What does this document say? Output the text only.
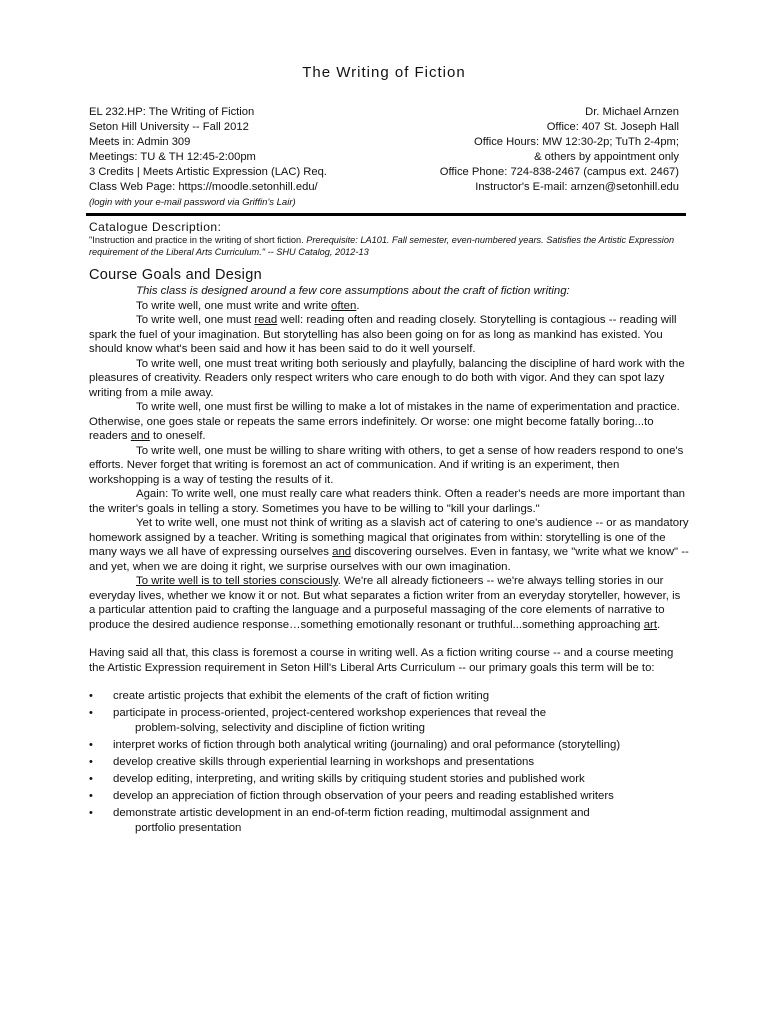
The Writing of Fiction
EL 232.HP: The Writing of Fiction
Seton Hill University -- Fall 2012
Meets in: Admin 309
Meetings: TU & TH 12:45-2:00pm
3 Credits | Meets Artistic Expression (LAC) Req.
Class Web Page: https://moodle.setonhill.edu/
(login with your e-mail password via Griffin's Lair)
Dr. Michael Arnzen
Office: 407 St. Joseph Hall
Office Hours: MW 12:30-2p; TuTh 2-4pm;
& others by appointment only
Office Phone: 724-838-2467 (campus ext. 2467)
Instructor's E-mail: arnzen@setonhill.edu
Catalogue Description:
"Instruction and practice in the writing of short fiction. Prerequisite: LA101. Fall semester, even-numbered years. Satisfies the Artistic Expression requirement of the Liberal Arts Curriculum." -- SHU Catalog, 2012-13
Course Goals and Design

This class is designed around a few core assumptions about the craft of fiction writing:

To write well, one must write and write often.

To write well, one must read well: reading often and reading closely. Storytelling is contagious -- reading will spark the fuel of your imagination. But storytelling has also been going on for as long as mankind has existed. You should know what's been said and how it has been said to do it well yourself.

To write well, one must treat writing both seriously and playfully, balancing the discipline of hard work with the pleasures of creativity. Readers only respect writers who care enough to do both with vigor. And they can spot lazy writing from a mile away.

To write well, one must first be willing to make a lot of mistakes in the name of experimentation and practice. Otherwise, one goes stale or repeats the same errors indefinitely. Or worse: one might become fatally boring...to readers and to oneself.

To write well, one must be willing to share writing with others, to get a sense of how readers respond to one's efforts. Never forget that writing is foremost an act of communication. And if writing is an experiment, then workshopping is a way of testing the results of it.

Again: To write well, one must really care what readers think. Often a reader's needs are more important than the writer's goals in telling a story. Sometimes you have to be willing to "kill your darlings."

Yet to write well, one must not think of writing as a slavish act of catering to one's audience -- or as mandatory homework assigned by a teacher. Writing is something magical that originates from within: storytelling is one of the many ways we all have of expressing ourselves and discovering ourselves. Even in fantasy, we "write what we know" -- and yet, when we are doing it right, we surprise ourselves with our own imagination.

To write well is to tell stories consciously. We're all already fictioneers -- we're always telling stories in our everyday lives, whether we know it or not. But what separates a fiction writer from an everyday storyteller, however, is a particular attention paid to crafting the language and a purposeful massaging of the core elements of narrative to produce the desired audience response…something emotionally resonant or truthful...something approaching art.

Having said all that, this class is foremost a course in writing well. As a fiction writing course -- and a course meeting the Artistic Expression requirement in Seton Hill's Liberal Arts Curriculum -- our primary goals this term will be to:

• create artistic projects that exhibit the elements of the craft of fiction writing
• participate in process-oriented, project-centered workshop experiences that reveal the
problem-solving, selectivity and discipline of fiction writing
• interpret works of fiction through both analytical writing (journaling) and oral peformance (storytelling)
• develop creative skills through experiential learning in workshops and presentations
• develop editing, interpreting, and writing skills by critiquing student stories and published work
• develop an appreciation of fiction through observation of your peers and reading established writers
• demonstrate artistic development in an end-of-term fiction reading, multimodal assignment and
portfolio presentation
